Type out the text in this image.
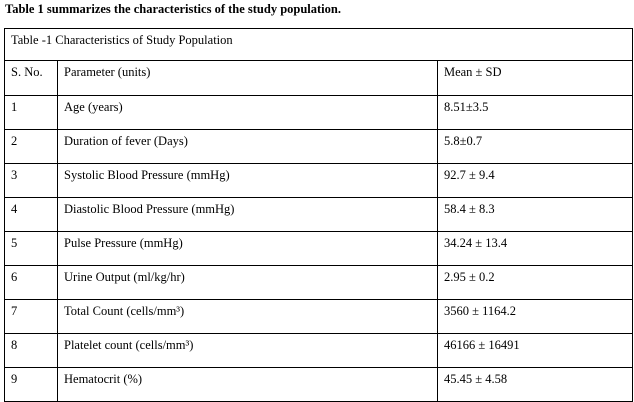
Table 1 summarizes the characteristics of the study population.
Table -1 Characteristics of Study Population		
S. No.	Parameter (units)	Mean ± SD
1	Age (years)	8.51±3.5
2	Duration of fever (Days)	5.8±0.7
3	Systolic Blood Pressure (mmHg)	92.7 ± 9.4
4	Diastolic Blood Pressure (mmHg)	58.4 ± 8.3
5	Pulse Pressure (mmHg)	34.24 ± 13.4
6	Urine Output (ml/kg/hr)	2.95 ± 0.2
7	Total Count (cells/mm³)	3560 ± 1164.2
8	Platelet count (cells/mm³)	46166 ± 16491
9	Hematocrit (%)	45.45 ± 4.58
